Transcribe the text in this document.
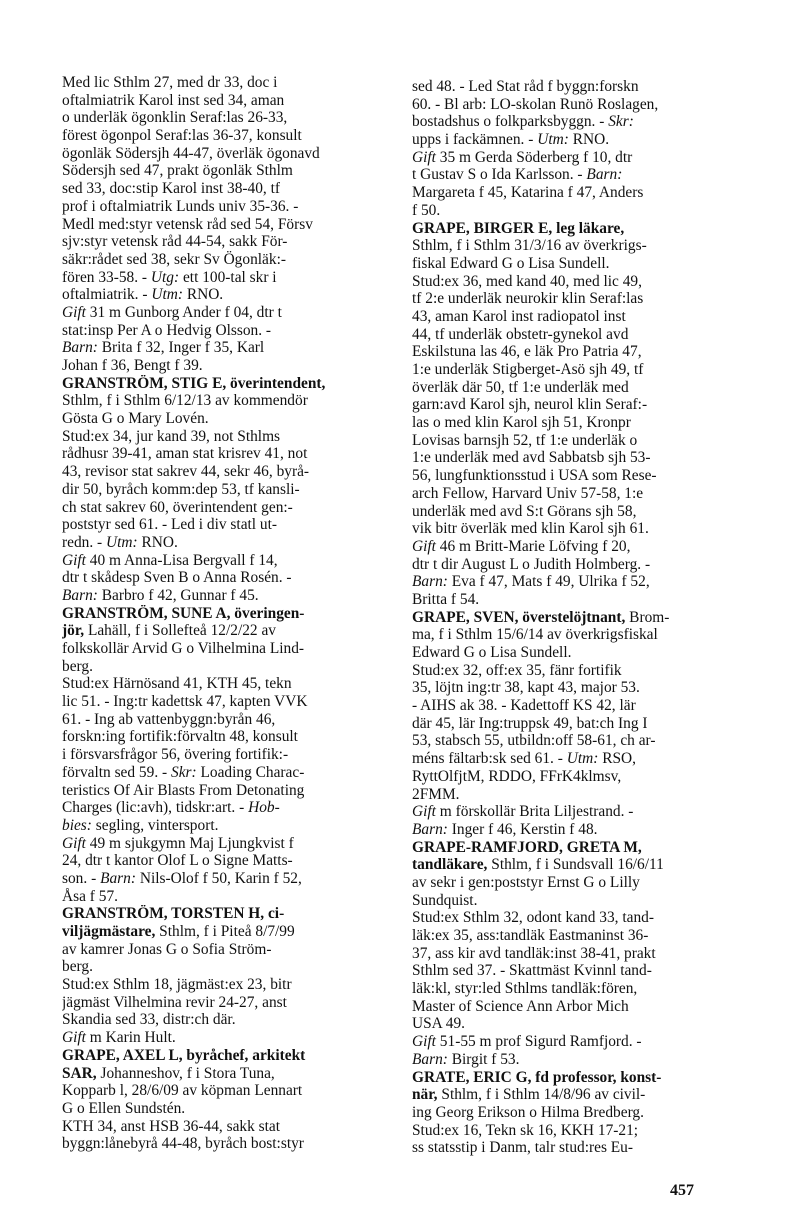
Med lic Sthlm 27, med dr 33, doc i
oftalmiatrik Karol inst sed 34, aman
o underläk ögonklin Seraf:las 26-33,
förest ögonpol Seraf:las 36-37, konsult
ögonläk Södersjh 44-47, överläk ögonavd
Södersjh sed 47, prakt ögonläk Sthlm
sed 33, doc:stip Karol inst 38-40, tf
prof i oftalmiatrik Lunds univ 35-36. -
Medl med:styr vetensk råd sed 54, Försv
sjv:styr vetensk råd 44-54, sakk För-
säkr:rådet sed 38, sekr Sv Ögonläk:-
fören 33-58. - Utg: ett 100-tal skr i
oftalmiatrik. - Utm: RNO.
Gift 31 m Gunborg Ander f 04, dtr t
stat:insp Per A o Hedvig Olsson. -
Barn: Brita f 32, Inger f 35, Karl
Johan f 36, Bengt f 39.
GRANSTRÖM, STIG E, överintendent,
Sthlm, f i Sthlm 6/12/13 av kommendör
Gösta G o Mary Lovén.
Stud:ex 34, jur kand 39, not Sthlms
rådhusr 39-41, aman stat krisrev 41, not
43, revisor stat sakrev 44, sekr 46, byrå-
dir 50, byråch komm:dep 53, tf kansli-
ch stat sakrev 60, överintendent gen:-
poststyr sed 61. - Led i div statl ut-
redn. - Utm: RNO.
Gift 40 m Anna-Lisa Bergvall f 14,
dtr t skådesp Sven B o Anna Rosén. -
Barn: Barbro f 42, Gunnar f 45.
GRANSTRÖM, SUNE A, överingen-
jör, Lahäll, f i Sollefteå 12/2/22 av
folkskollär Arvid G o Vilhelmina Lind-
berg.
Stud:ex Härnösand 41, KTH 45, tekn
lic 51. - Ing:tr kadettsk 47, kapten VVK
61. - Ing ab vattenbyggn:byrån 46,
forskn:ing fortifik:förvaltn 48, konsult
i försvarsfrågor 56, övering fortifik:-
förvaltn sed 59. - Skr: Loading Charac-
teristics Of Air Blasts From Detonating
Charges (lic:avh), tidskr:art. - Hob-
bies: segling, vintersport.
Gift 49 m sjukgymn Maj Ljungkvist f
24, dtr t kantor Olof L o Signe Matts-
son. - Barn: Nils-Olof f 50, Karin f 52,
Åsa f 57.
GRANSTRÖM, TORSTEN H, ci-
viljägmästare, Sthlm, f i Piteå 8/7/99
av kamrer Jonas G o Sofia Ström-
berg.
Stud:ex Sthlm 18, jägmäst:ex 23, bitr
jägmäst Vilhelmina revir 24-27, anst
Skandia sed 33, distr:ch där.
Gift m Karin Hult.
GRAPE, AXEL L, byråchef, arkitekt
SAR, Johanneshov, f i Stora Tuna,
Kopparb l, 28/6/09 av köpman Lennart
G o Ellen Sundstén.
KTH 34, anst HSB 36-44, sakk stat
byggn:lånebyrå 44-48, byråch bost:styr
sed 48. - Led Stat råd f byggn:forskn
60. - Bl arb: LO-skolan Runö Roslagen,
bostadshus o folkparksbyggn. - Skr:
upps i fackämnen. - Utm: RNO.
Gift 35 m Gerda Söderberg f 10, dtr
t Gustav S o Ida Karlsson. - Barn:
Margareta f 45, Katarina f 47, Anders
f 50.
GRAPE, BIRGER E, leg läkare,
Sthlm, f i Sthlm 31/3/16 av överkrigs-
fiskal Edward G o Lisa Sundell.
Stud:ex 36, med kand 40, med lic 49,
tf 2:e underläk neurokir klin Seraf:las
43, aman Karol inst radiopatol inst
44, tf underläk obstetr-gynekol avd
Eskilstuna las 46, e läk Pro Patria 47,
1:e underläk Stigberget-Asö sjh 49, tf
överläk där 50, tf 1:e underläk med
garn:avd Karol sjh, neurol klin Seraf:-
las o med klin Karol sjh 51, Kronpr
Lovisas barnsjh 52, tf 1:e underläk o
1:e underläk med avd Sabbatsb sjh 53-
56, lungfunktionsstud i USA som Rese-
arch Fellow, Harvard Univ 57-58, 1:e
underläk med avd S:t Görans sjh 58,
vik bitr överläk med klin Karol sjh 61.
Gift 46 m Britt-Marie Löfving f 20,
dtr t dir August L o Judith Holmberg. -
Barn: Eva f 47, Mats f 49, Ulrika f 52,
Britta f 54.
GRAPE, SVEN, överstelöjtnant, Brom-
ma, f i Sthlm 15/6/14 av överkrigsfiskal
Edward G o Lisa Sundell.
Stud:ex 32, off:ex 35, fänr fortifik
35, löjtn ing:tr 38, kapt 43, major 53.
- AIHS ak 38. - Kadettoff KS 42, lär
där 45, lär Ing:truppsk 49, bat:ch Ing I
53, stabsch 55, utbildn:off 58-61, ch ar-
méns fältarb:sk sed 61. - Utm: RSO,
RyttOlfjtM, RDDO, FFrK4klmsv,
2FMM.
Gift m förskollär Brita Liljestrand. -
Barn: Inger f 46, Kerstin f 48.
GRAPE-RAMFJORD, GRETA M,
tandläkare, Sthlm, f i Sundsvall 16/6/11
av sekr i gen:poststyr Ernst G o Lilly
Sundquist.
Stud:ex Sthlm 32, odont kand 33, tand-
läk:ex 35, ass:tandläk Eastmaninst 36-
37, ass kir avd tandläk:inst 38-41, prakt
Sthlm sed 37. - Skattmäst Kvinnl tand-
läk:kl, styr:led Sthlms tandläk:fören,
Master of Science Ann Arbor Mich
USA 49.
Gift 51-55 m prof Sigurd Ramfjord. -
Barn: Birgit f 53.
GRATE, ERIC G, fd professor, konst-
när, Sthlm, f i Sthlm 14/8/96 av civil-
ing Georg Erikson o Hilma Bredberg.
Stud:ex 16, Tekn sk 16, KKH 17-21;
ss statsstip i Danm, talr stud:res Eu-
457
